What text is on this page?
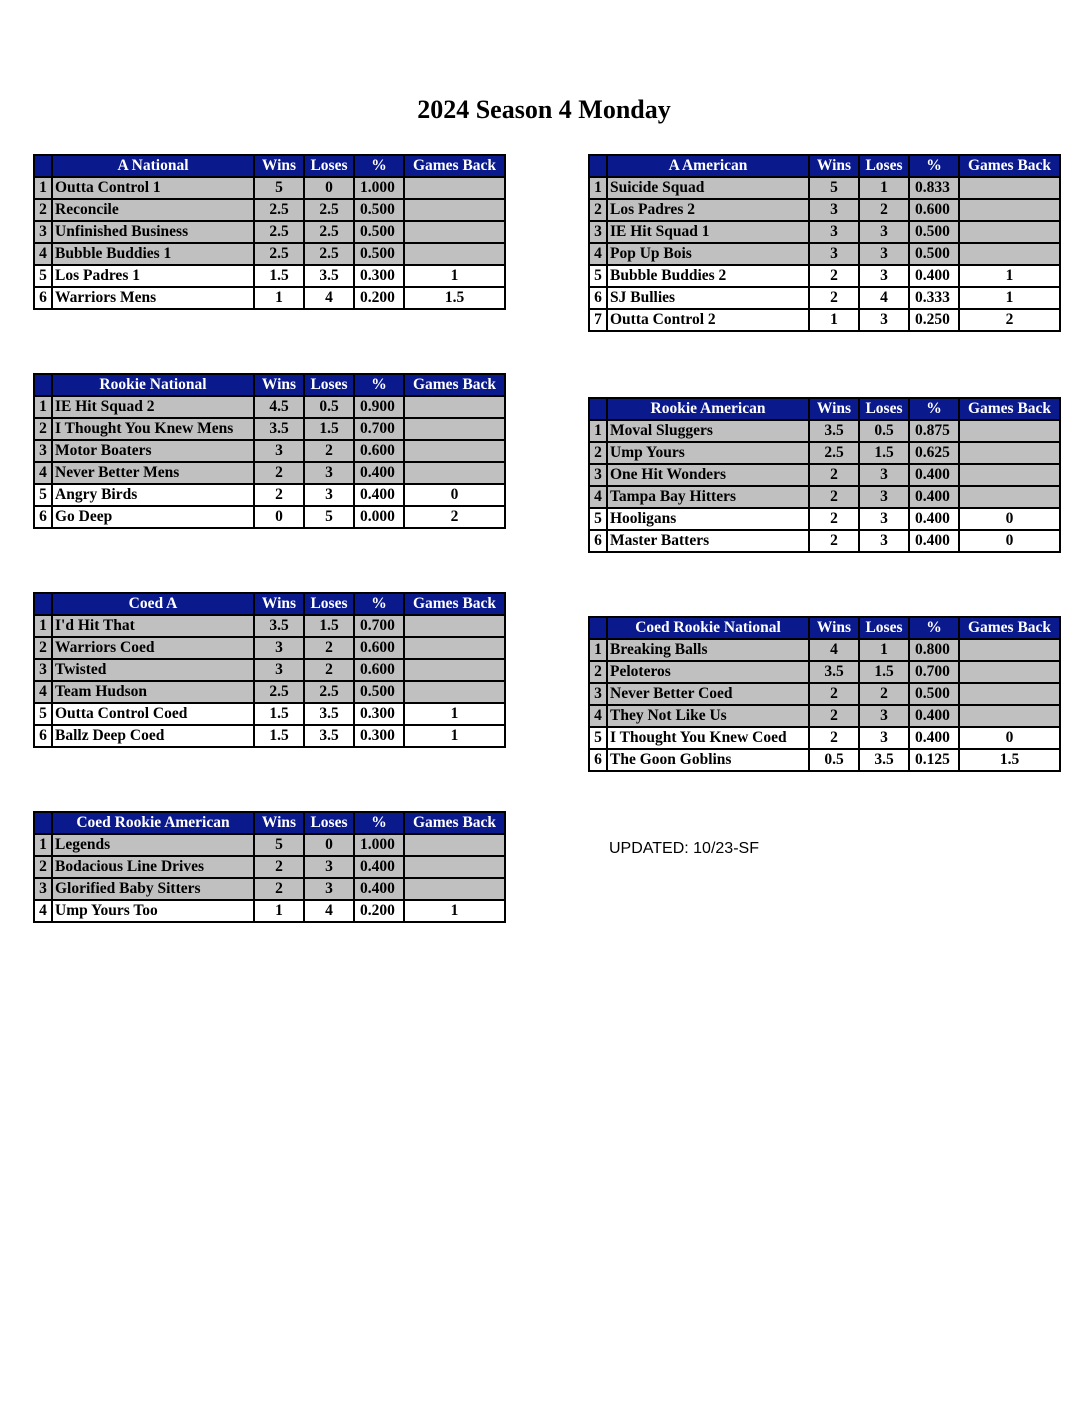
2024 Season 4 Monday
	A National	Wins	Loses	%	Games Back
1	Outta Control 1	5	0	1.000	
2	Reconcile	2.5	2.5	0.500	
3	Unfinished Business	2.5	2.5	0.500	
4	Bubble Buddies 1	2.5	2.5	0.500	
5	Los Padres 1	1.5	3.5	0.300	1
6	Warriors Mens	1	4	0.200	1.5
	A American	Wins	Loses	%	Games Back
1	Suicide Squad	5	1	0.833	
2	Los Padres 2	3	2	0.600	
3	IE Hit Squad 1	3	3	0.500	
4	Pop Up Bois	3	3	0.500	
5	Bubble Buddies 2	2	3	0.400	1
6	SJ Bullies	2	4	0.333	1
7	Outta Control 2	1	3	0.250	2
	Rookie National	Wins	Loses	%	Games Back
1	IE Hit Squad 2	4.5	0.5	0.900	
2	I Thought You Knew Mens	3.5	1.5	0.700	
3	Motor Boaters	3	2	0.600	
4	Never Better Mens	2	3	0.400	
5	Angry Birds	2	3	0.400	0
6	Go Deep	0	5	0.000	2
	Rookie American	Wins	Loses	%	Games Back
1	Moval Sluggers	3.5	0.5	0.875	
2	Ump Yours	2.5	1.5	0.625	
3	One Hit Wonders	2	3	0.400	
4	Tampa Bay Hitters	2	3	0.400	
5	Hooligans	2	3	0.400	0
6	Master Batters	2	3	0.400	0
	Coed A	Wins	Loses	%	Games Back
1	I'd Hit That	3.5	1.5	0.700	
2	Warriors Coed	3	2	0.600	
3	Twisted	3	2	0.600	
4	Team Hudson	2.5	2.5	0.500	
5	Outta Control Coed	1.5	3.5	0.300	1
6	Ballz Deep Coed	1.5	3.5	0.300	1
	Coed Rookie National	Wins	Loses	%	Games Back
1	Breaking Balls	4	1	0.800	
2	Peloteros	3.5	1.5	0.700	
3	Never Better Coed	2	2	0.500	
4	They Not Like Us	2	3	0.400	
5	I Thought You Knew Coed	2	3	0.400	0
6	The Goon Goblins	0.5	3.5	0.125	1.5
	Coed Rookie American	Wins	Loses	%	Games Back
1	Legends	5	0	1.000	
2	Bodacious Line Drives	2	3	0.400	
3	Glorified Baby Sitters	2	3	0.400	
4	Ump Yours Too	1	4	0.200	1
UPDATED: 10/23-SF
